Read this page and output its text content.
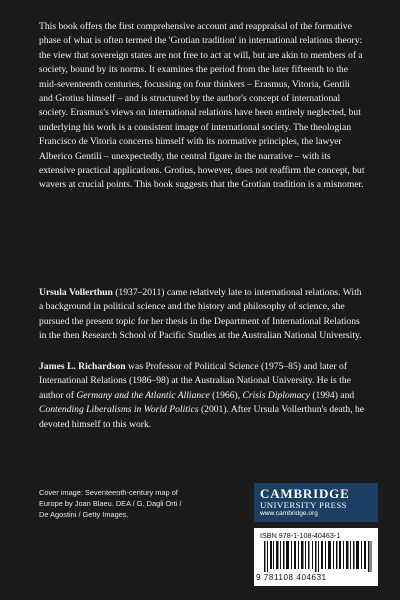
This book offers the first comprehensive account and reappraisal of the formative phase of what is often termed the 'Grotian tradition' in international relations theory: the view that sovereign states are not free to act at will, but are akin to members of a society, bound by its norms. It examines the period from the later fifteenth to the mid-seventeenth centuries, focussing on four thinkers – Erasmus, Vitoria, Gentili and Grotius himself – and is structured by the author's concept of international society. Erasmus's views on international relations have been entirely neglected, but underlying his work is a consistent image of international society. The theologian Francisco de Vitoria concerns himself with its normative principles, the lawyer Alberico Gentili – unexpectedly, the central figure in the narrative – with its extensive practical applications. Grotius, however, does not reaffirm the concept, but wavers at crucial points. This book suggests that the Grotian tradition is a misnomer.

Ursula Vollerthun (1937–2011) came relatively late to international relations. With a background in political science and the history and philosophy of science, she pursued the present topic for her thesis in the Department of International Relations in the then Research School of Pacific Studies at the Australian National University.

James L. Richardson was Professor of Political Science (1975–85) and later of International Relations (1986–98) at the Australian National University. He is the author of Germany and the Atlantic Alliance (1966), Crisis Diplomacy (1994) and Contending Liberalisms in World Politics (2001). After Ursula Vollerthun's death, he devoted himself to this work.

Cover image: Seventeenth-century map of Europe by Joan Blaeu. DEA / G. Dagli Orti / De Agostini / Getty Images.
CAMBRIDGE
UNIVERSITY PRESS
www.cambridge.org
ISBN 978-1-108-40463-1
9 781108 404631
